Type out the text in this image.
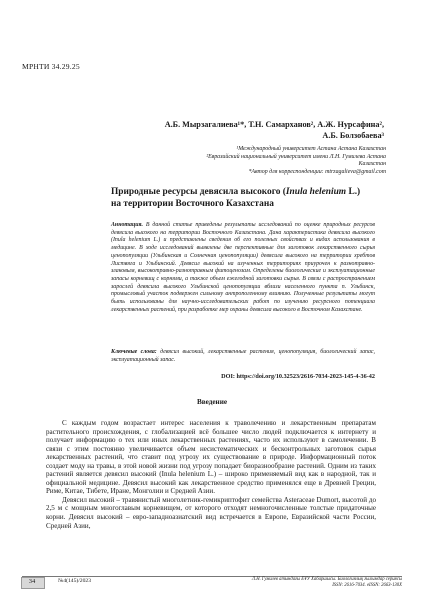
МРНТИ 34.29.25
А.Б. Мырзагалиева¹*, Т.Н. Самарханов², А.Ж. Нурсафина²,
А.Б. Болзобаева³
¹Международный университет Астана Астана Казахстан
²Евразийский национальный университет имени Л.Н. Гумилева Астана Казахстан
*Автор для корреспонденции: mtrzagalieva@gmail.com
Природные ресурсы девясила высокого (Inula helenium L.)
на территории Восточного Казахстана
Аннотация. В данной статье приведены результаты исследований по оценке природных ресурсов девясила высокого на территории Восточного Казахстана. Дана характеристика девясила высокого (Inula helenium L.) и представлены сведения об его полезных свойствах и видах использования в медицине. В ходе исследований выявлены две перспективные для заготовок лекарственного сырья ценопопуляции (Ульбинская и Солнечная ценопопуляции) девясила высокого на территории хребтов Листвяга и Ульбинский. Девясил высокий на изученных территориях приурочен к разнотравно-злаковым, высокотравно-разнотравным фитоценозам. Определены биологические и эксплуатационные запасы корневищ с корнями, а также объем ежегодной заготовки сырья. В связи с распространением зарослей девясила высокого Ульбинской ценопопуляции вблизи населенного пункта п. Ульбинск, промысловый участок подвержен сильному антропогенному влиянию. Полученные результаты могут быть использованы для научно-исследовательских работ по изучению ресурсного потенциала лекарственных растений, при разработке мер охраны девясила высокого в Восточном Казахстане.
Ключевые слова: девясил высокий, лекарственные растения, ценопопуляция, биологический запас, эксплуатационный запас.
DOI: https://doi.org/10.32523/2616-7034-2023-145-4-36-42
Введение

С каждым годом возрастает интерес населения к траволечению и лекарственным препаратам растительного происхождения, с глобализацией всё большее число людей подключается к интернету и получает информацию о тех или иных лекарственных растениях, часто их используют в самолечении. В связи с этим постоянно увеличивается объем несистематических и бесконтрольных заготовок сырья лекарственных растений, что ставит под угрозу их существование в природе. Информационный поток создает моду на травы, в этой новой жизни под угрозу попадает биоразнообразие растений. Одним из таких растений является девясил высокий (Inula helenium L.) – широко применяемый вид как в народной, так и официальной медицине. Девясил высокий как лекарственное средство применялся еще в Древней Греции, Риме, Китае, Тибете, Иране, Монголии и Средней Азии.

Девясил высокий – травянистый многолетник-гемикриптофит семейства Asteraceae Dumort, высотой до 2,5 м с мощным многоглавым корневищем, от которого отходят немногочисленные толстые придаточные корни. Девясил высокий – евро-западноазиатский вид встречается в Европе, Евразийской части России, Средней Азии,

34	№4(145)/2023	Л.Н. Гумилев атындағы ЕҰУ Хабаршысы. Биологиялық ғылымдар сериясы
ISSN: 2616-7034. eISSN: 2663-130X
